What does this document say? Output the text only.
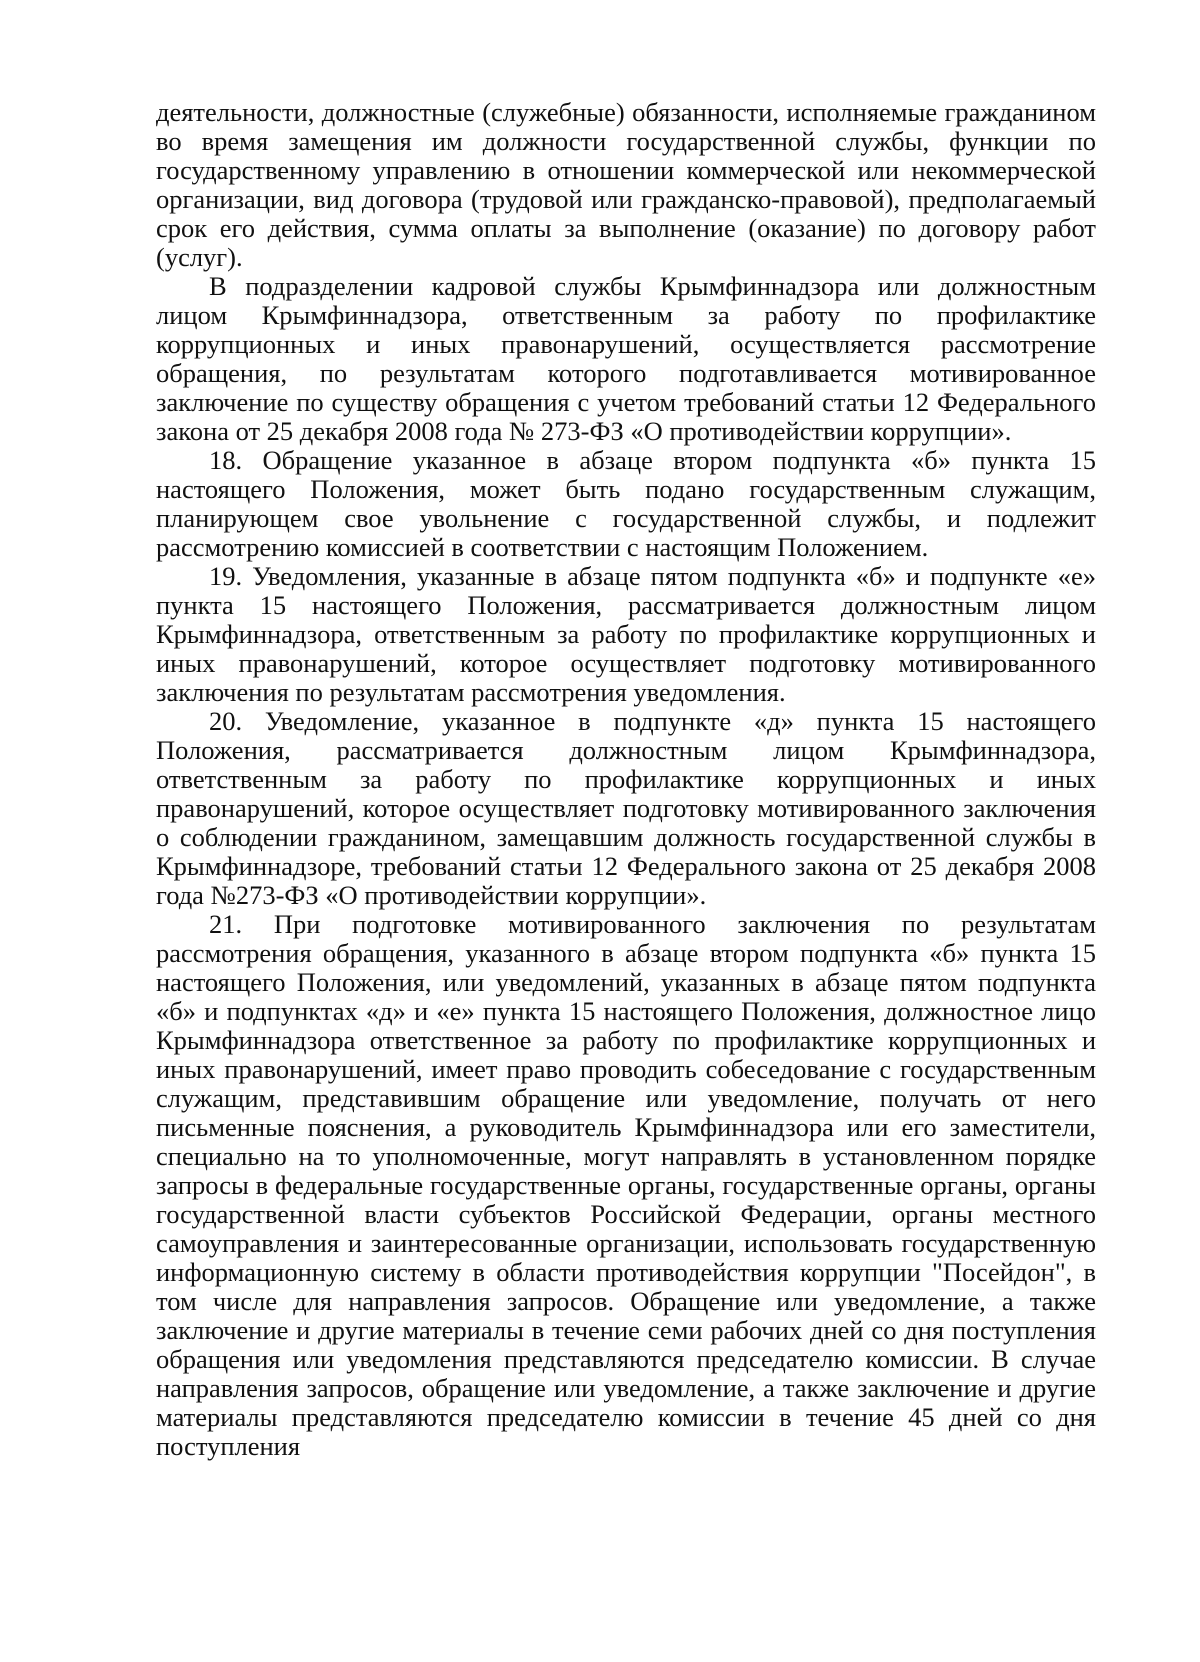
деятельности, должностные (служебные) обязанности, исполняемые гражданином во время замещения им должности государственной службы, функции по государственному управлению в отношении коммерческой или некоммерческой организации, вид договора (трудовой или гражданско-правовой), предполагаемый срок его действия, сумма оплаты за выполнение (оказание) по договору работ (услуг).

В подразделении кадровой службы Крымфиннадзора или должностным лицом Крымфиннадзора, ответственным за работу по профилактике коррупционных и иных правонарушений, осуществляется рассмотрение обращения, по результатам которого подготавливается мотивированное заключение по существу обращения с учетом требований статьи 12 Федерального закона от 25 декабря 2008 года № 273-ФЗ «О противодействии коррупции».

18. Обращение указанное в абзаце втором подпункта «б» пункта 15 настоящего Положения, может быть подано государственным служащим, планирующем свое увольнение с государственной службы, и подлежит рассмотрению комиссией в соответствии с настоящим Положением.

19. Уведомления, указанные в абзаце пятом подпункта «б» и подпункте «е» пункта 15 настоящего Положения, рассматривается должностным лицом Крымфиннадзора, ответственным за работу по профилактике коррупционных и иных правонарушений, которое осуществляет подготовку мотивированного заключения по результатам рассмотрения уведомления.

20. Уведомление, указанное в подпункте «д» пункта 15 настоящего Положения, рассматривается должностным лицом Крымфиннадзора, ответственным за работу по профилактике коррупционных и иных правонарушений, которое осуществляет подготовку мотивированного заключения о соблюдении гражданином, замещавшим должность государственной службы в Крымфиннадзоре, требований статьи 12 Федерального закона от 25 декабря 2008 года №273-ФЗ «О противодействии коррупции».

21. При подготовке мотивированного заключения по результатам рассмотрения обращения, указанного в абзаце втором подпункта «б» пункта 15 настоящего Положения, или уведомлений, указанных в абзаце пятом подпункта «б» и подпунктах «д» и «е» пункта 15 настоящего Положения, должностное лицо Крымфиннадзора ответственное за работу по профилактике коррупционных и иных правонарушений, имеет право проводить собеседование с государственным служащим, представившим обращение или уведомление, получать от него письменные пояснения, а руководитель Крымфиннадзора или его заместители, специально на то уполномоченные, могут направлять в установленном порядке запросы в федеральные государственные органы, государственные органы, органы государственной власти субъектов Российской Федерации, органы местного самоуправления и заинтересованные организации, использовать государственную информационную систему в области противодействия коррупции "Посейдон", в том числе для направления запросов. Обращение или уведомление, а также заключение и другие материалы в течение семи рабочих дней со дня поступления обращения или уведомления представляются председателю комиссии. В случае направления запросов, обращение или уведомление, а также заключение и другие материалы представляются председателю комиссии в течение 45 дней со дня поступления
